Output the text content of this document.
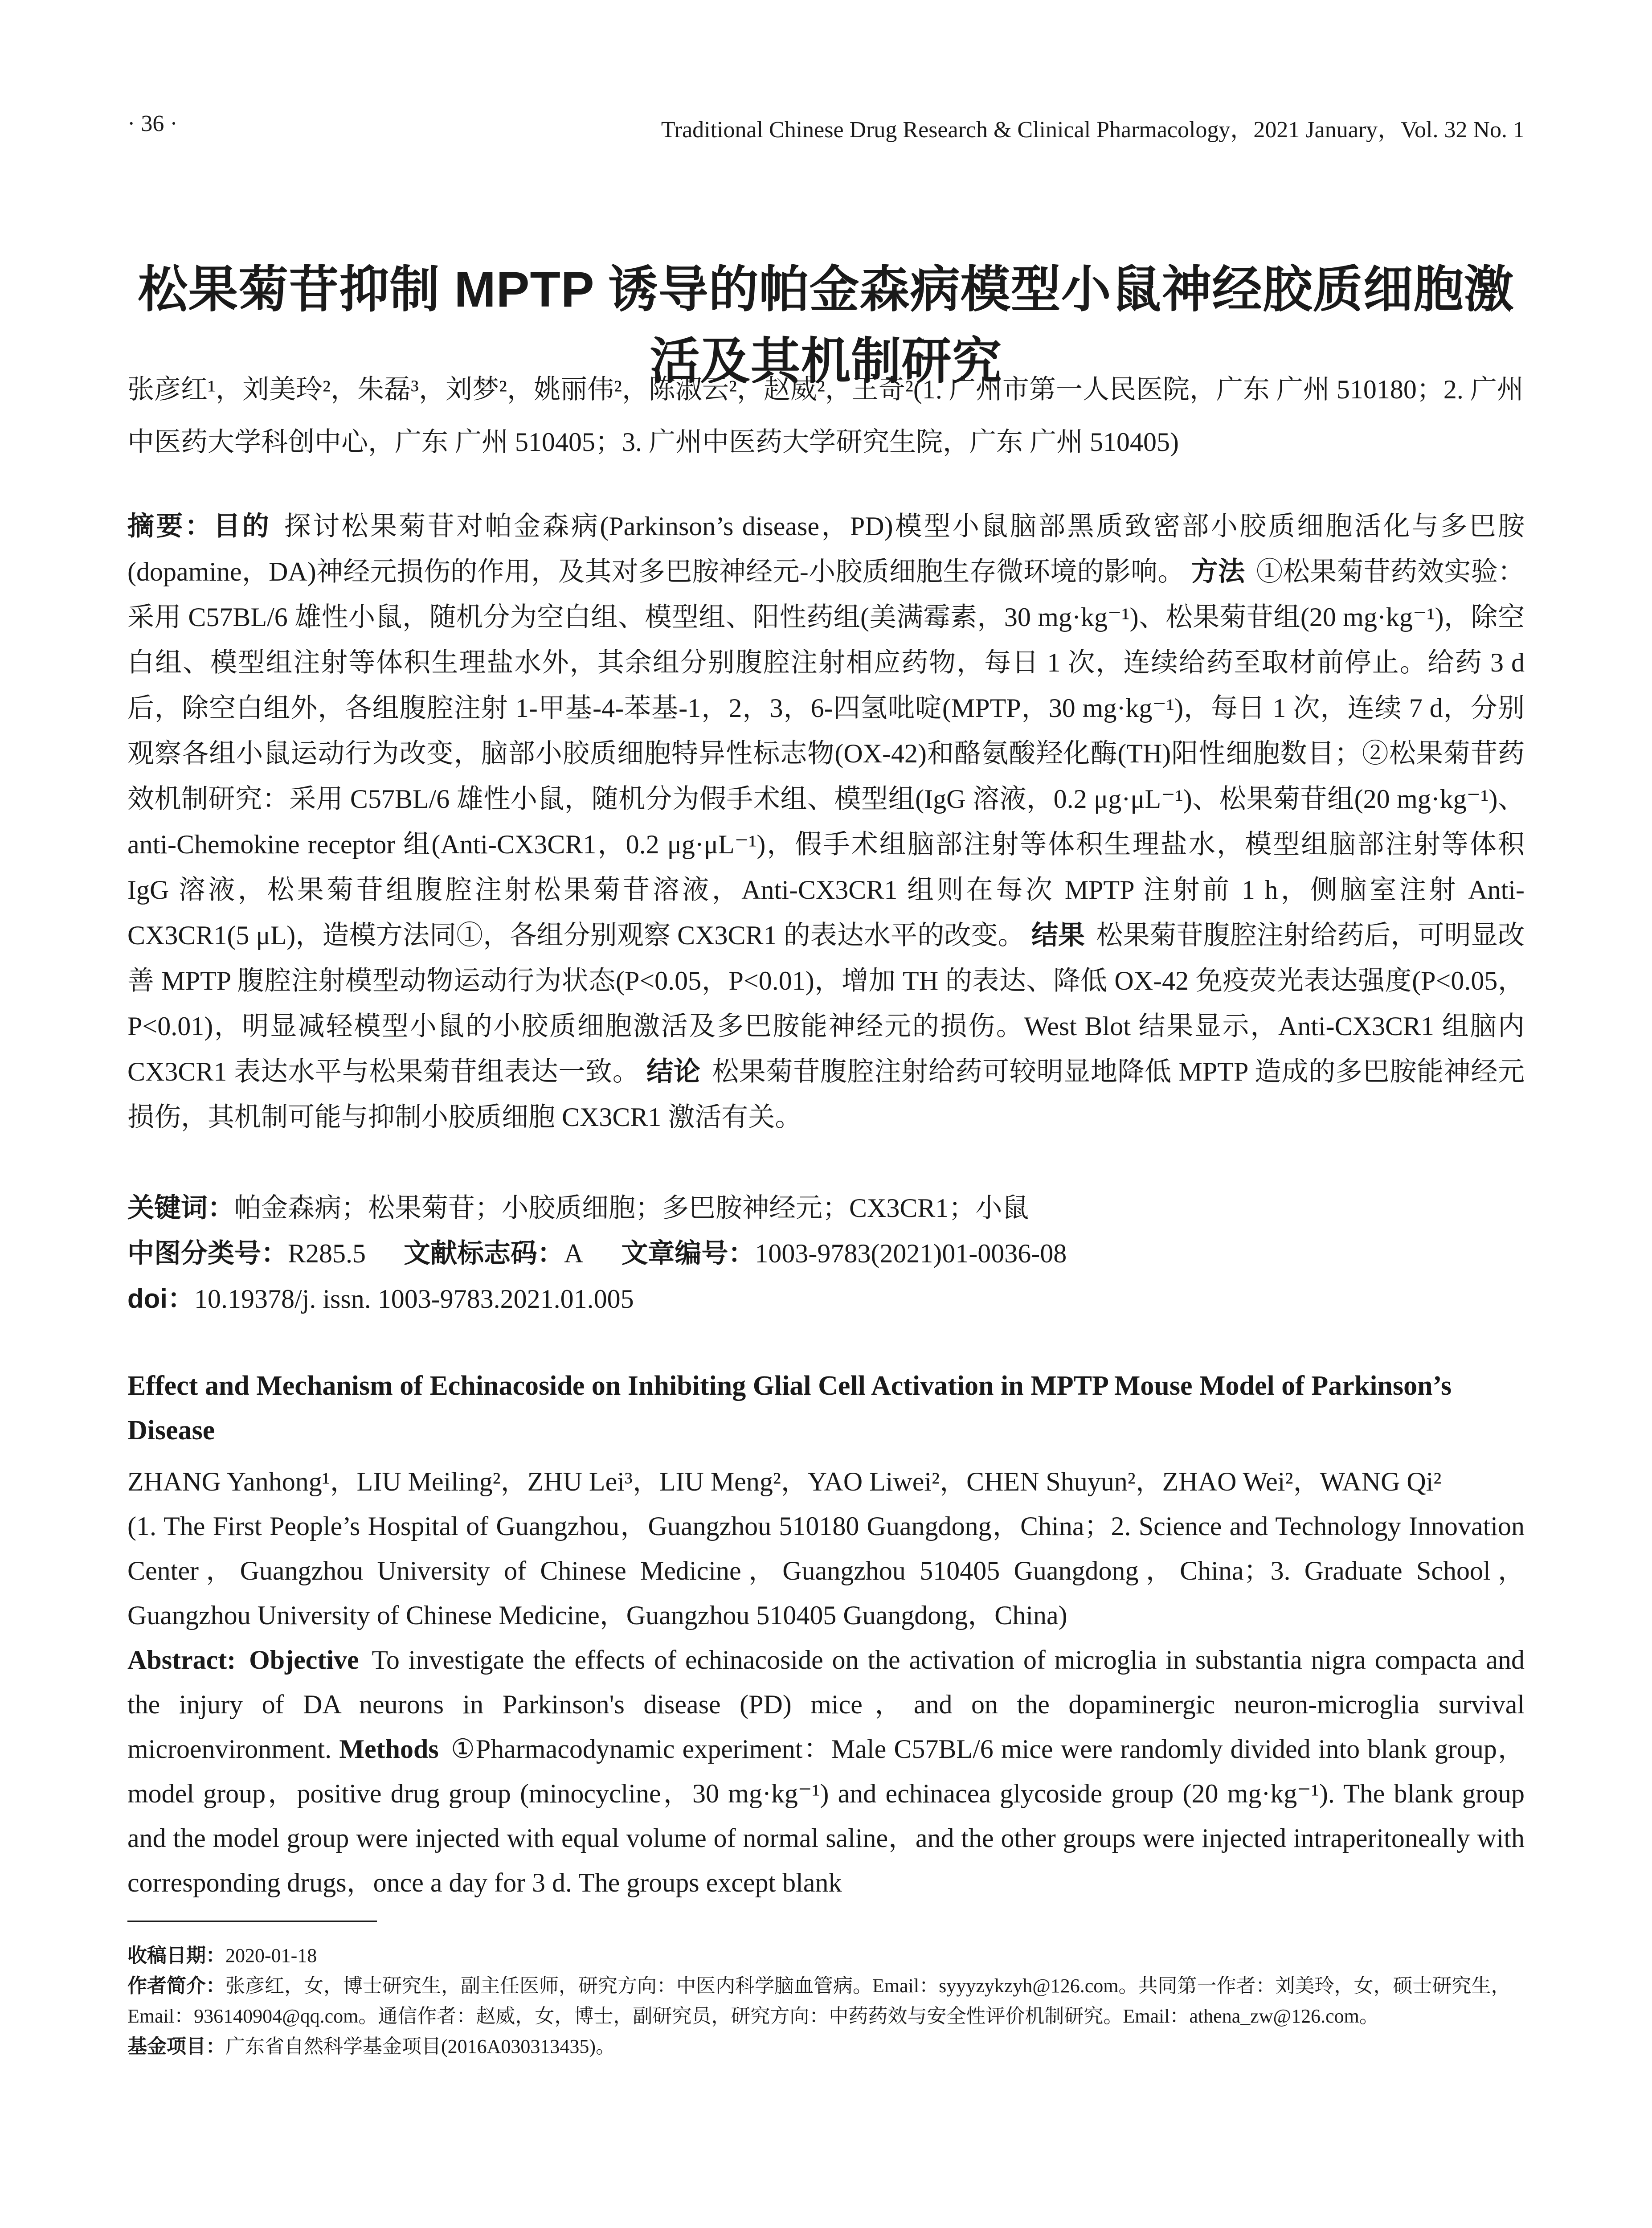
· 36 ·	Traditional Chinese Drug Research & Clinical Pharmacology，2021 January，Vol. 32 No. 1
松果菊苷抑制 MPTP 诱导的帕金森病模型小鼠神经胶质细胞激活及其机制研究
张彦红¹，刘美玲²，朱磊³，刘梦²，姚丽伟²，陈淑云²，赵威²，王奇²(1. 广州市第一人民医院，广东 广州 510180；2. 广州中医药大学科创中心，广东 广州 510405；3. 广州中医药大学研究生院，广东 广州 510405)
摘要：目的 探讨松果菊苷对帕金森病(Parkinson’s disease，PD)模型小鼠脑部黑质致密部小胶质细胞活化与多巴胺(dopamine，DA)神经元损伤的作用，及其对多巴胺神经元-小胶质细胞生存微环境的影响。 方法 ①松果菊苷药效实验：采用 C57BL/6 雄性小鼠，随机分为空白组、模型组、阳性药组(美满霉素，30 mg·kg⁻¹)、松果菊苷组(20 mg·kg⁻¹)，除空白组、模型组注射等体积生理盐水外，其余组分别腹腔注射相应药物，每日 1 次，连续给药至取材前停止。给药 3 d 后，除空白组外，各组腹腔注射 1-甲基-4-苯基-1，2，3，6-四氢吡啶(MPTP，30 mg·kg⁻¹)，每日 1 次，连续 7 d，分别观察各组小鼠运动行为改变，脑部小胶质细胞特异性标志物(OX-42)和酪氨酸羟化酶(TH)阳性细胞数目；②松果菊苷药效机制研究：采用 C57BL/6 雄性小鼠，随机分为假手术组、模型组(IgG 溶液，0.2 μg·μL⁻¹)、松果菊苷组(20 mg·kg⁻¹)、anti-Chemokine receptor 组(Anti-CX3CR1，0.2 μg·μL⁻¹)，假手术组脑部注射等体积生理盐水，模型组脑部注射等体积 IgG 溶液，松果菊苷组腹腔注射松果菊苷溶液，Anti-CX3CR1 组则在每次 MPTP 注射前 1 h，侧脑室注射 Anti-CX3CR1(5 μL)，造模方法同①，各组分别观察 CX3CR1 的表达水平的改变。 结果 松果菊苷腹腔注射给药后，可明显改善 MPTP 腹腔注射模型动物运动行为状态(P<0.05，P<0.01)，增加 TH 的表达、降低 OX-42 免疫荧光表达强度(P<0.05，P<0.01)，明显减轻模型小鼠的小胶质细胞激活及多巴胺能神经元的损伤。West Blot 结果显示，Anti-CX3CR1 组脑内 CX3CR1 表达水平与松果菊苷组表达一致。 结论 松果菊苷腹腔注射给药可较明显地降低 MPTP 造成的多巴胺能神经元损伤，其机制可能与抑制小胶质细胞 CX3CR1 激活有关。
关键词：帕金森病；松果菊苷；小胶质细胞；多巴胺神经元；CX3CR1；小鼠
中图分类号：R285.5 文献标志码：A 文章编号：1003-9783(2021)01-0036-08
doi：10.19378/j. issn. 1003-9783.2021.01.005
Effect and Mechanism of Echinacoside on Inhibiting Glial Cell Activation in MPTP Mouse Model of Parkinson’s Disease
ZHANG Yanhong¹，LIU Meiling²，ZHU Lei³，LIU Meng²，YAO Liwei²，CHEN Shuyun²，ZHAO Wei²，WANG Qi²
(1. The First People’s Hospital of Guangzhou，Guangzhou 510180 Guangdong，China；2. Science and Technology Innovation Center，Guangzhou University of Chinese Medicine，Guangzhou 510405 Guangdong，China；3. Graduate School，Guangzhou University of Chinese Medicine，Guangzhou 510405 Guangdong，China)
Abstract: Objective To investigate the effects of echinacoside on the activation of microglia in substantia nigra compacta and the injury of DA neurons in Parkinson's disease (PD) mice，and on the dopaminergic neuron-microglia survival microenvironment. Methods ①Pharmacodynamic experiment：Male C57BL/6 mice were randomly divided into blank group，model group，positive drug group (minocycline，30 mg·kg⁻¹) and echinacea glycoside group (20 mg·kg⁻¹). The blank group and the model group were injected with equal volume of normal saline，and the other groups were injected intraperitoneally with corresponding drugs，once a day for 3 d. The groups except blank

收稿日期：2020-01-18

作者简介：张彦红，女，博士研究生，副主任医师，研究方向：中医内科学脑血管病。Email：syyyzykzyh@126.com。共同第一作者：刘美玲，女，硕士研究生，Email：936140904@qq.com。通信作者：赵威，女，博士，副研究员，研究方向：中药药效与安全性评价机制研究。Email：athena_zw@126.com。

基金项目：广东省自然科学基金项目(2016A030313435)。
